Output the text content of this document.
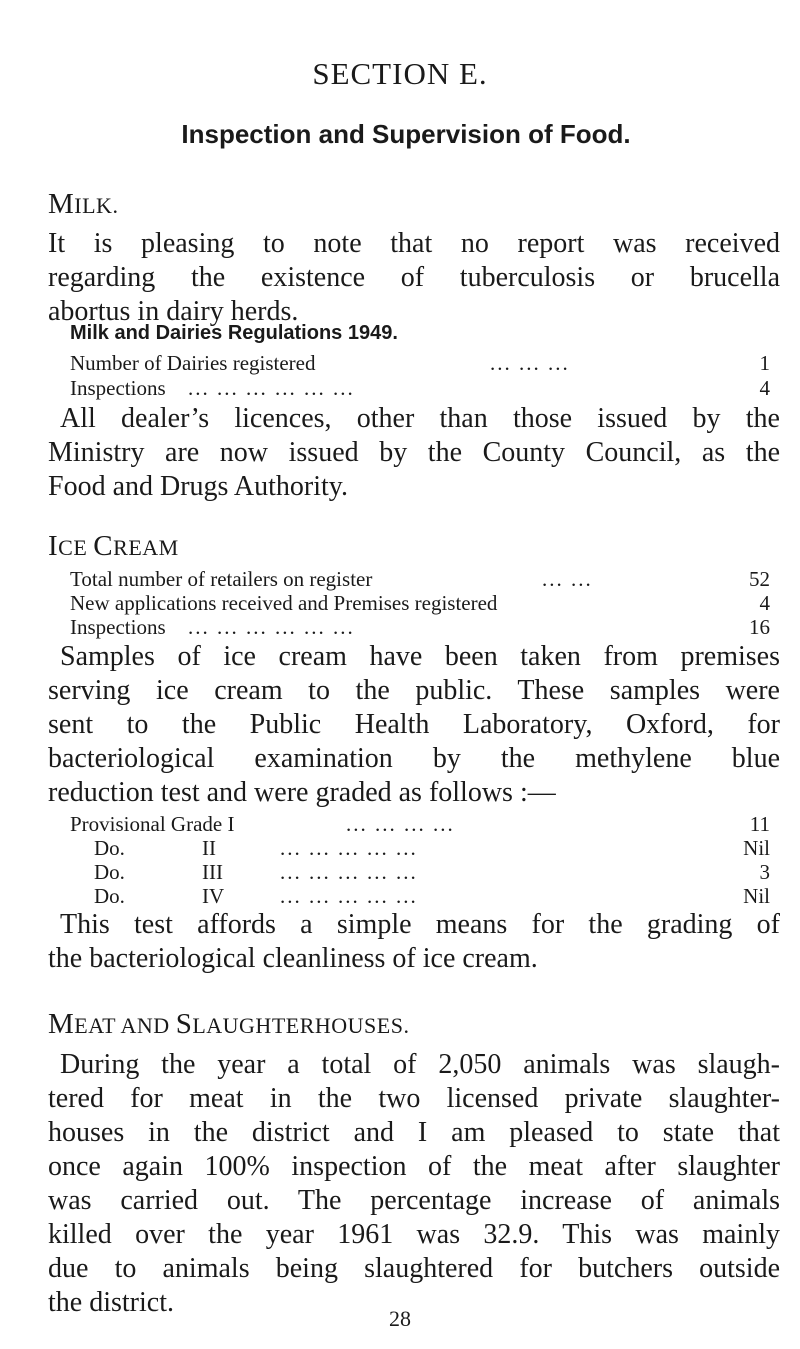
SECTION E.
Inspection and Supervision of Food.
MILK.
It is pleasing to note that no report was received
regarding the existence of tuberculosis or brucella
abortus in dairy herds.
Milk and Dairies Regulations 1949.
Number of Dairies registered	... ... ...	1
Inspections ... ... ... ... ... ...	4
All dealer’s licences, other than those issued by the
Ministry are now issued by the County Council, as the
Food and Drugs Authority.
ICE CREAM
Total number of retailers on register	... ...	52
New applications received and Premises registered	4
Inspections ... ... ... ... ... ...	16
Samples of ice cream have been taken from premises
serving ice cream to the public. These samples were
sent to the Public Health Laboratory, Oxford, for
bacteriological examination by the methylene blue
reduction test and were graded as follows :—
Provisional Grade I	... ... ... ...	11
Do.	II	... ... ... ... ...	Nil
Do.	III	... ... ... ... ...	3
Do.	IV	... ... ... ... ...	Nil
This test affords a simple means for the grading of
the bacteriological cleanliness of ice cream.
MEAT AND SLAUGHTERHOUSES.
During the year a total of 2,050 animals was slaugh-
tered for meat in the two licensed private slaughter-
houses in the district and I am pleased to state that
once again 100% inspection of the meat after slaughter
was carried out. The percentage increase of animals
killed over the year 1961 was 32.9. This was mainly
due to animals being slaughtered for butchers outside
the district.
28
